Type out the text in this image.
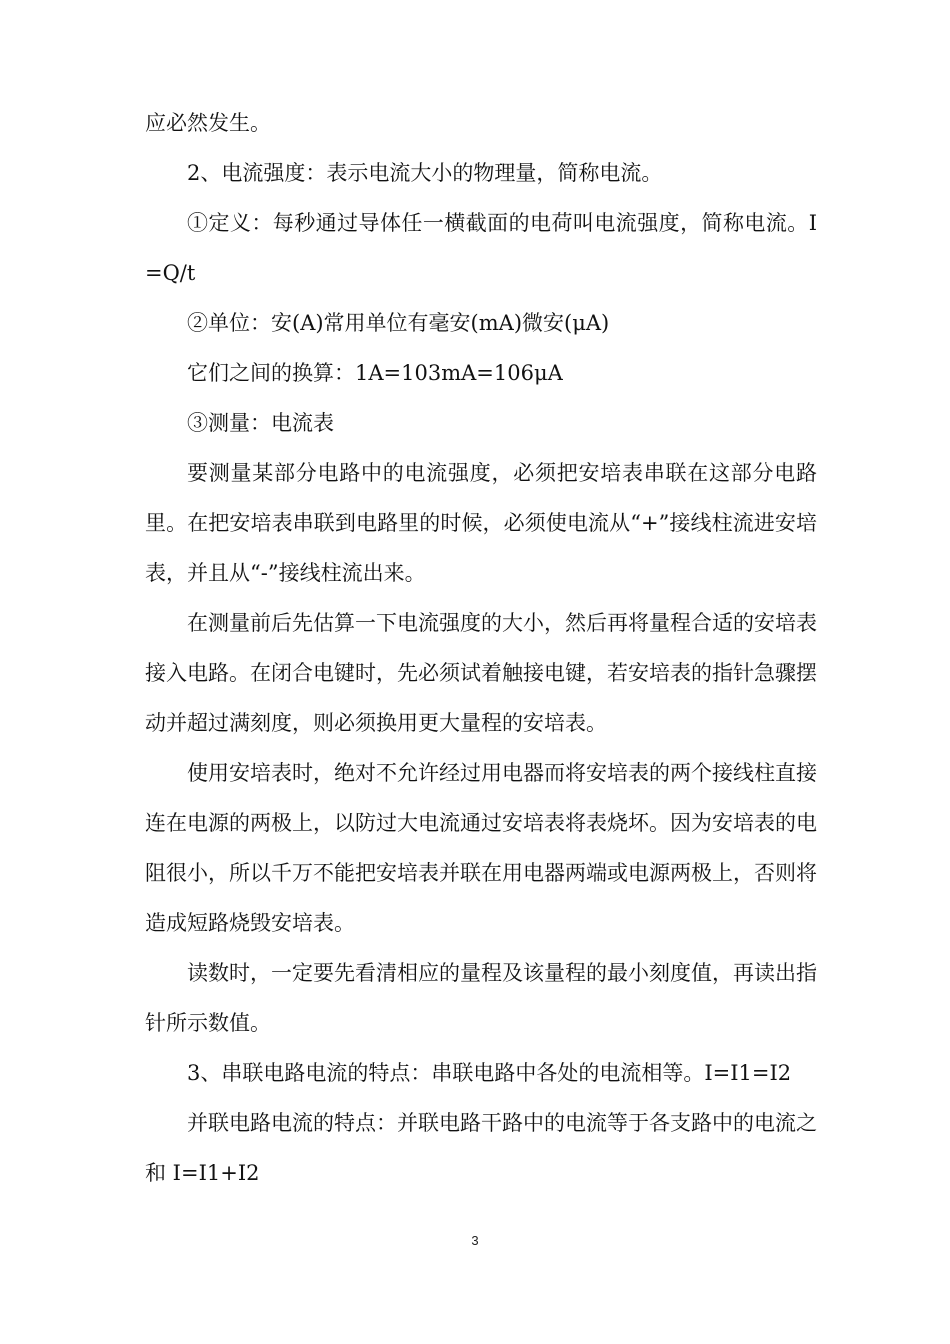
应必然发生。

2、电流强度：表示电流大小的物理量，简称电流。

①定义：每秒通过导体任一横截面的电荷叫电流强度，简称电流。I=Q/t

②单位：安(A)常用单位有毫安(mA)微安(μA)

它们之间的换算：1A=103mA=106μA

③测量：电流表

要测量某部分电路中的电流强度，必须把安培表串联在这部分电路里。在把安培表串联到电路里的时候，必须使电流从“+”接线柱流进安培表，并且从“-”接线柱流出来。

在测量前后先估算一下电流强度的大小，然后再将量程合适的安培表接入电路。在闭合电键时，先必须试着触接电键，若安培表的指针急骤摆动并超过满刻度，则必须换用更大量程的安培表。

使用安培表时，绝对不允许经过用电器而将安培表的两个接线柱直接连在电源的两极上，以防过大电流通过安培表将表烧坏。因为安培表的电阻很小，所以千万不能把安培表并联在用电器两端或电源两极上，否则将造成短路烧毁安培表。

读数时，一定要先看清相应的量程及该量程的最小刻度值，再读出指针所示数值。

3、串联电路电流的特点：串联电路中各处的电流相等。I=I1=I2

并联电路电流的特点：并联电路干路中的电流等于各支路中的电流之和 I=I1+I2

3
